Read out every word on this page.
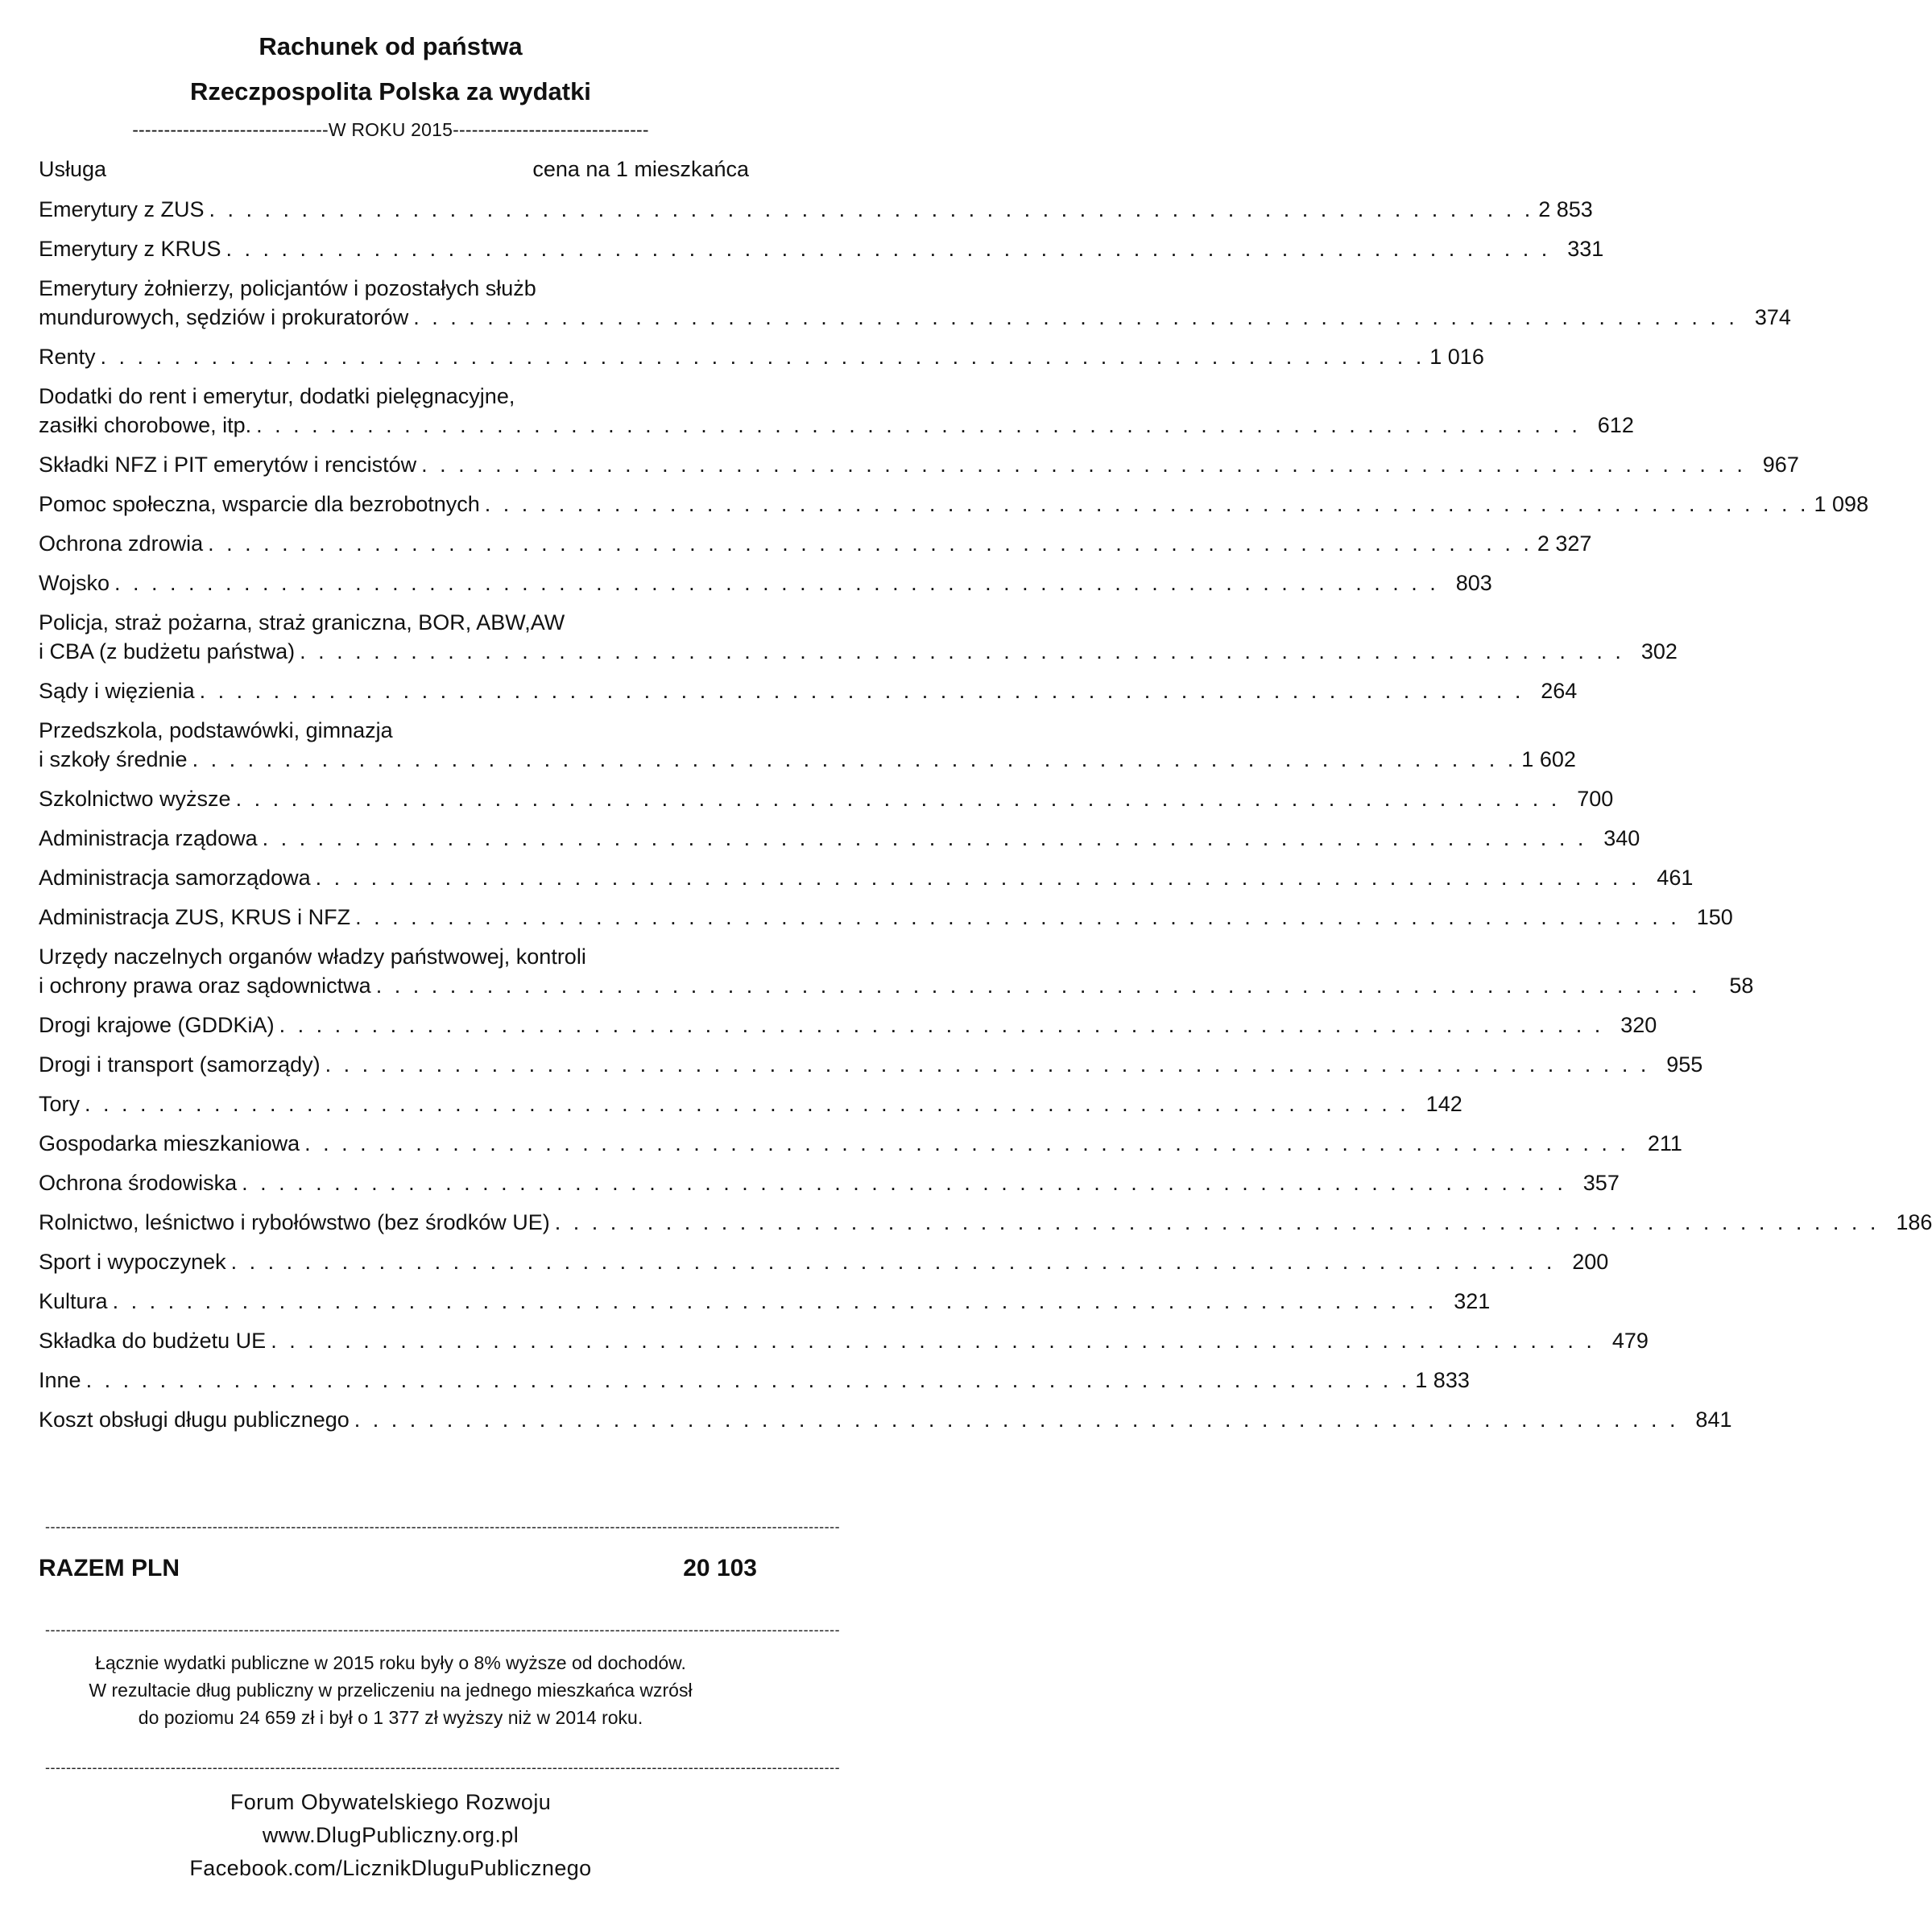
Rachunek od państwa
Rzeczpospolita Polska za wydatki
-------------------------------W ROKU 2015-------------------------------
Usługa	cena na 1 mieszkańca
Emerytury z ZUS . . . . . . . . . . . . . . . . . . . . . . . . . . . . . . . . . . . . . . . . . . . . . . . . . . . . . . . . . . . . . . . . . . . . . . . . 2 853
Emerytury z KRUS . . . . . . . . . . . . . . . . . . . . . . . . . . . . . . . . . . . . . . . . . . . . . . . . . . . . . . . . . . . . . . . . . . . . . . . . 331
Emerytury żołnierzy, policjantów i pozostałych służb
mundurowych, sędziów i prokuratorów . . . . . . . . . . . . . . . . . . . . . . . . . . . . . . . . . . . . . . . . . . . . . . . . . . . . . . . . . . . . . . . . . . . . . . . . 374
Renty . . . . . . . . . . . . . . . . . . . . . . . . . . . . . . . . . . . . . . . . . . . . . . . . . . . . . . . . . . . . . . . . . . . . . . . . 1 016
Dodatki do rent i emerytur, dodatki pielęgnacyjne,
zasiłki chorobowe, itp. . . . . . . . . . . . . . . . . . . . . . . . . . . . . . . . . . . . . . . . . . . . . . . . . . . . . . . . . . . . . . . . . . . . . . . . . 612
Składki NFZ i PIT emerytów i rencistów . . . . . . . . . . . . . . . . . . . . . . . . . . . . . . . . . . . . . . . . . . . . . . . . . . . . . . . . . . . . . . . . . . . . . . . . 967
Pomoc społeczna, wsparcie dla bezrobotnych . . . . . . . . . . . . . . . . . . . . . . . . . . . . . . . . . . . . . . . . . . . . . . . . . . . . . . . . . . . . . . . . . . . . . . . . 1 098
Ochrona zdrowia . . . . . . . . . . . . . . . . . . . . . . . . . . . . . . . . . . . . . . . . . . . . . . . . . . . . . . . . . . . . . . . . . . . . . . . . 2 327
Wojsko . . . . . . . . . . . . . . . . . . . . . . . . . . . . . . . . . . . . . . . . . . . . . . . . . . . . . . . . . . . . . . . . . . . . . . . . 803
Policja, straż pożarna, straż graniczna, BOR, ABW,AW
i CBA (z budżetu państwa) . . . . . . . . . . . . . . . . . . . . . . . . . . . . . . . . . . . . . . . . . . . . . . . . . . . . . . . . . . . . . . . . . . . . . . . . 302
Sądy i więzienia . . . . . . . . . . . . . . . . . . . . . . . . . . . . . . . . . . . . . . . . . . . . . . . . . . . . . . . . . . . . . . . . . . . . . . . . 264
Przedszkola, podstawówki, gimnazja
i szkoły średnie . . . . . . . . . . . . . . . . . . . . . . . . . . . . . . . . . . . . . . . . . . . . . . . . . . . . . . . . . . . . . . . . . . . . . . . . 1 602
Szkolnictwo wyższe . . . . . . . . . . . . . . . . . . . . . . . . . . . . . . . . . . . . . . . . . . . . . . . . . . . . . . . . . . . . . . . . . . . . . . . . 700
Administracja rządowa . . . . . . . . . . . . . . . . . . . . . . . . . . . . . . . . . . . . . . . . . . . . . . . . . . . . . . . . . . . . . . . . . . . . . . . . 340
Administracja samorządowa . . . . . . . . . . . . . . . . . . . . . . . . . . . . . . . . . . . . . . . . . . . . . . . . . . . . . . . . . . . . . . . . . . . . . . . . 461
Administracja ZUS, KRUS i NFZ . . . . . . . . . . . . . . . . . . . . . . . . . . . . . . . . . . . . . . . . . . . . . . . . . . . . . . . . . . . . . . . . . . . . . . . . 150
Urzędy naczelnych organów władzy państwowej, kontroli
i ochrony prawa oraz sądownictwa . . . . . . . . . . . . . . . . . . . . . . . . . . . . . . . . . . . . . . . . . . . . . . . . . . . . . . . . . . . . . . . . . . . . . . . .	58
Drogi krajowe (GDDKiA) . . . . . . . . . . . . . . . . . . . . . . . . . . . . . . . . . . . . . . . . . . . . . . . . . . . . . . . . . . . . . . . . . . . . . . . . 320
Drogi i transport (samorządy) . . . . . . . . . . . . . . . . . . . . . . . . . . . . . . . . . . . . . . . . . . . . . . . . . . . . . . . . . . . . . . . . . . . . . . . . 955
Tory . . . . . . . . . . . . . . . . . . . . . . . . . . . . . . . . . . . . . . . . . . . . . . . . . . . . . . . . . . . . . . . . . . . . . . . . 142
Gospodarka mieszkaniowa . . . . . . . . . . . . . . . . . . . . . . . . . . . . . . . . . . . . . . . . . . . . . . . . . . . . . . . . . . . . . . . . . . . . . . . . 211
Ochrona środowiska . . . . . . . . . . . . . . . . . . . . . . . . . . . . . . . . . . . . . . . . . . . . . . . . . . . . . . . . . . . . . . . . . . . . . . . . 357
Rolnictwo, leśnictwo i rybołówstwo (bez środków UE) . . . . . . . . . . . . . . . . . . . . . . . . . . . . . . . . . . . . . . . . . . . . . . . . . . . . . . . . . . . . . . . . . . . . . . . . 186
Sport i wypoczynek . . . . . . . . . . . . . . . . . . . . . . . . . . . . . . . . . . . . . . . . . . . . . . . . . . . . . . . . . . . . . . . . . . . . . . . . 200
Kultura . . . . . . . . . . . . . . . . . . . . . . . . . . . . . . . . . . . . . . . . . . . . . . . . . . . . . . . . . . . . . . . . . . . . . . . . 321
Składka do budżetu UE . . . . . . . . . . . . . . . . . . . . . . . . . . . . . . . . . . . . . . . . . . . . . . . . . . . . . . . . . . . . . . . . . . . . . . . . 479
Inne . . . . . . . . . . . . . . . . . . . . . . . . . . . . . . . . . . . . . . . . . . . . . . . . . . . . . . . . . . . . . . . . . . . . . . . . 1 833
Koszt obsługi długu publicznego . . . . . . . . . . . . . . . . . . . . . . . . . . . . . . . . . . . . . . . . . . . . . . . . . . . . . . . . . . . . . . . . . . . . . . . . 841
--------------------------------------------------------------------------------------------------------------------------------------------------------
RAZEM PLN	20 103
--------------------------------------------------------------------------------------------------------------------------------------------------------
Łącznie wydatki publiczne w 2015 roku były o 8% wyższe od dochodów.
W rezultacie dług publiczny w przeliczeniu na jednego mieszkańca wzrósł
do poziomu 24 659 zł i był o 1 377 zł wyższy niż w 2014 roku.
--------------------------------------------------------------------------------------------------------------------------------------------------------
Forum Obywatelskiego Rozwoju
www.DlugPubliczny.org.pl
Facebook.com/LicznikDluguPublicznego
